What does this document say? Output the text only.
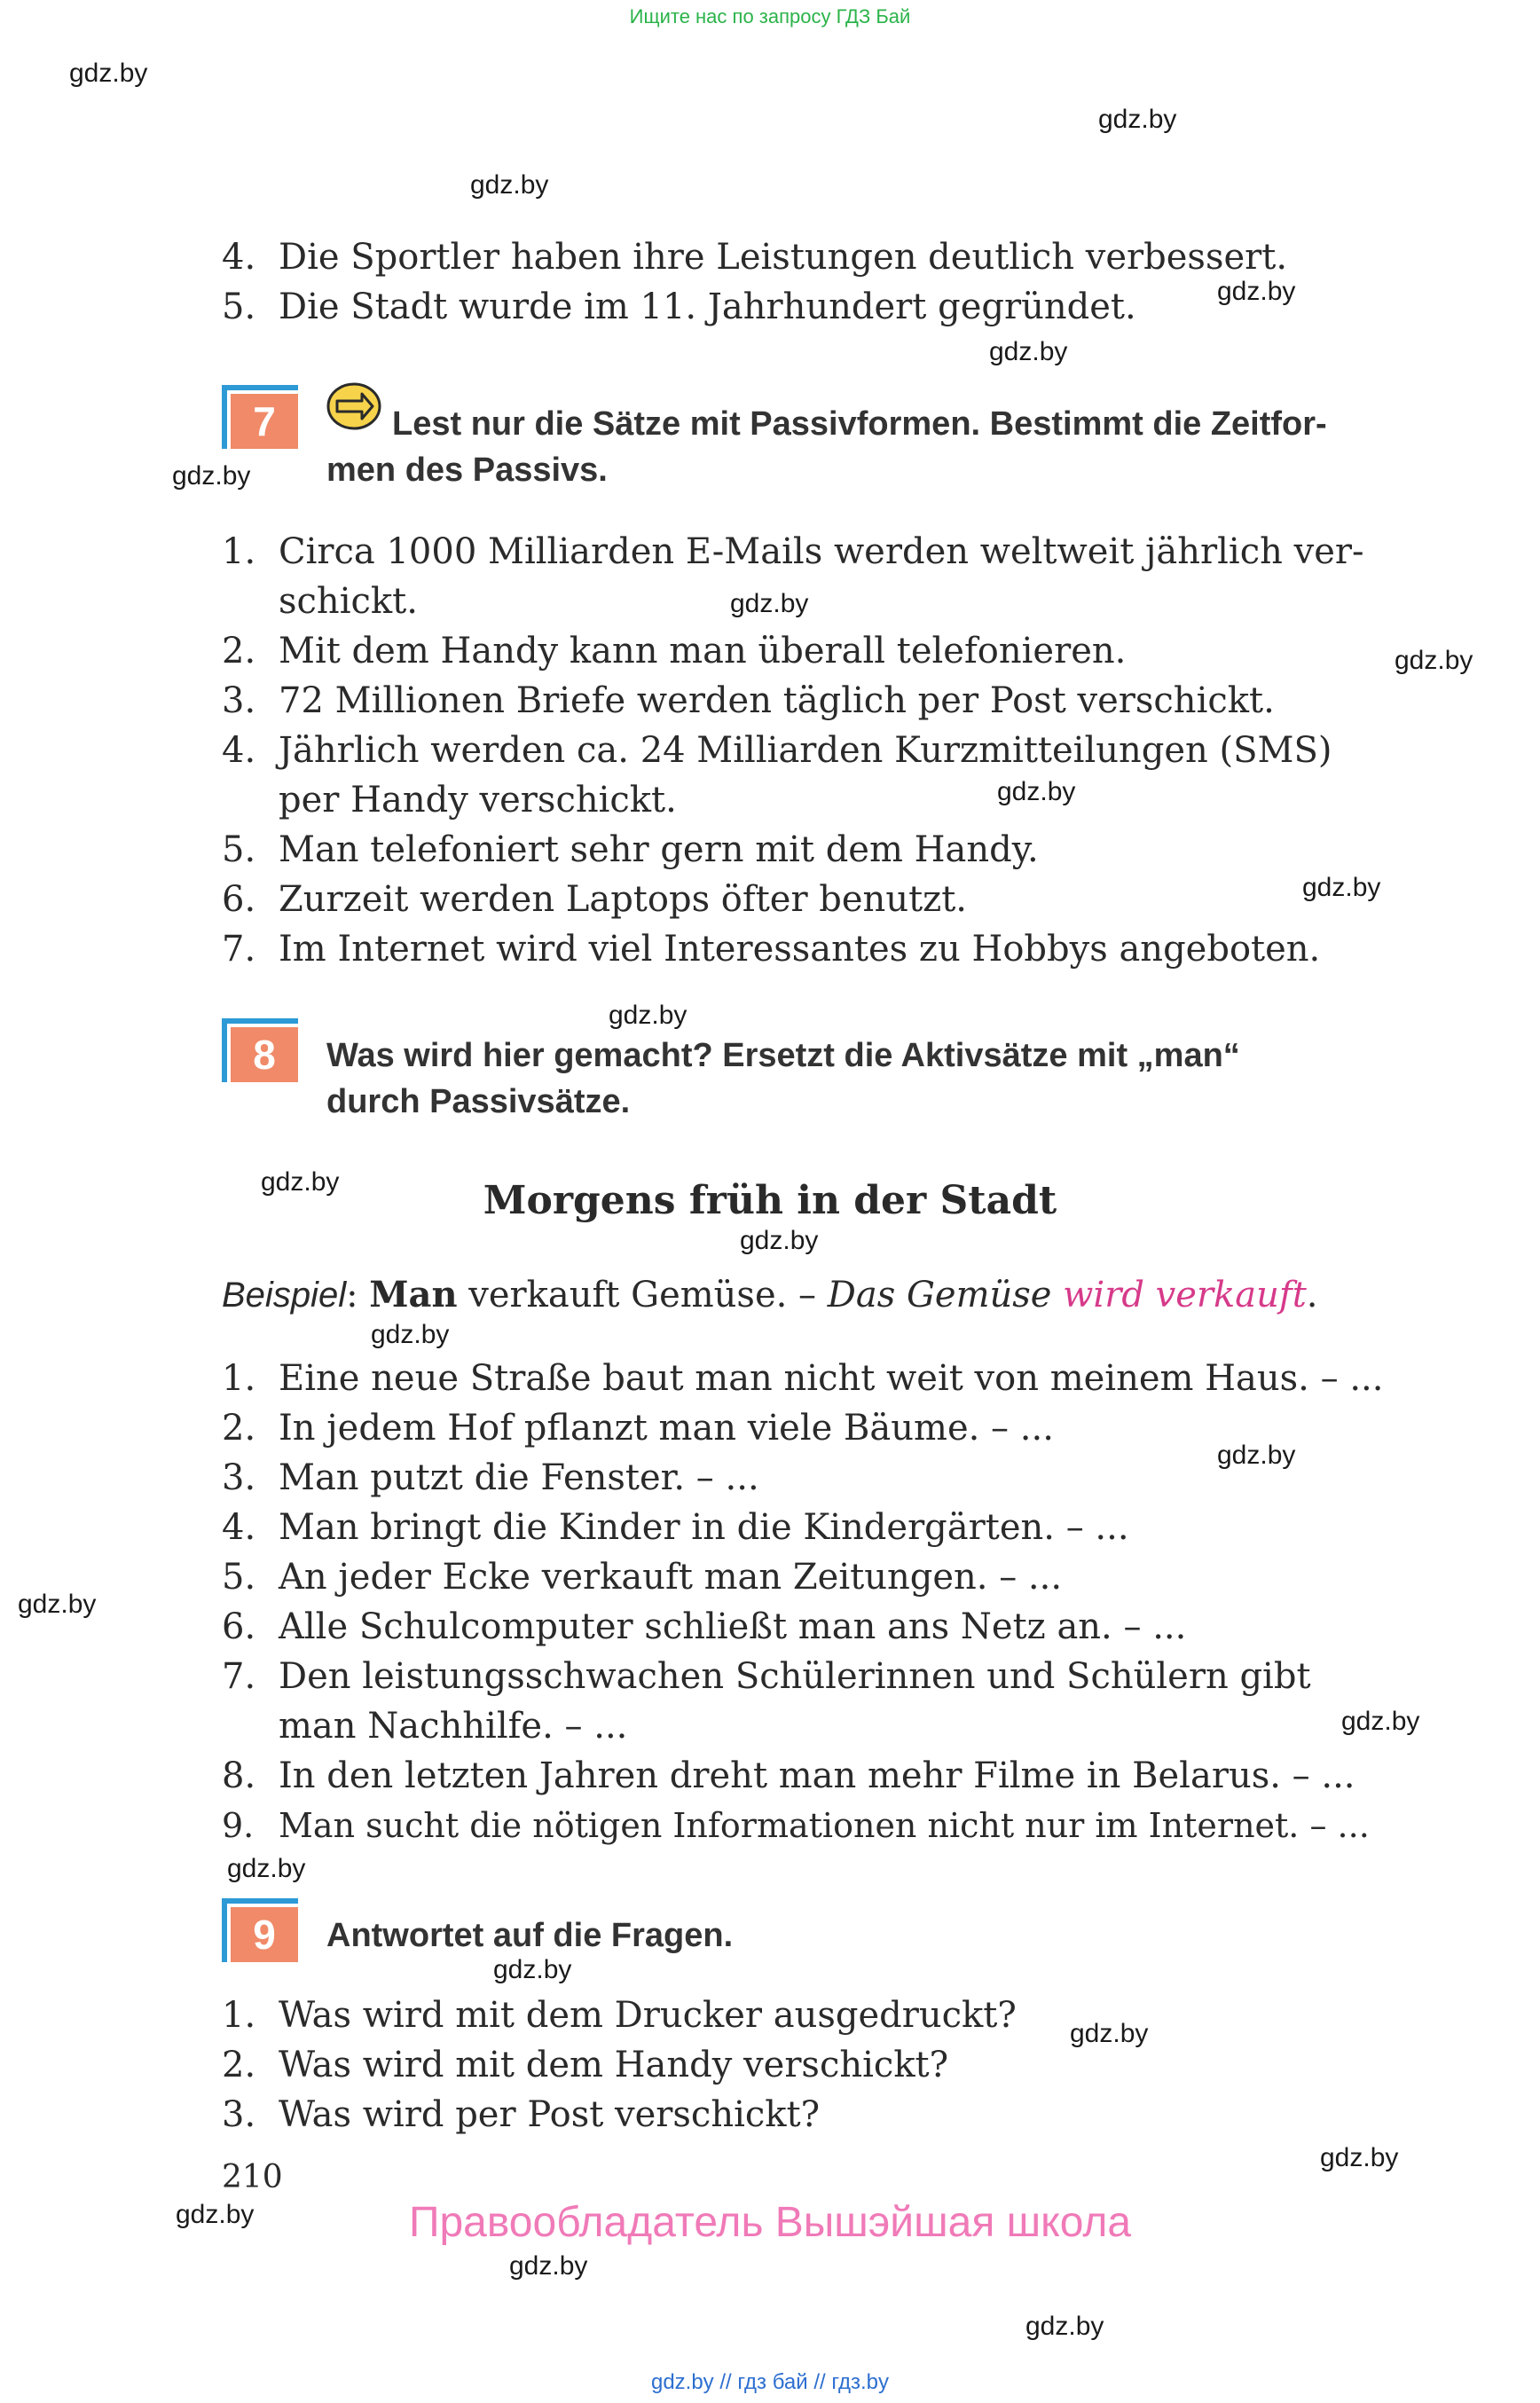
Ищите нас по запросу ГДЗ Бай
gdz.by
gdz.by
gdz.by
gdz.by
gdz.by
gdz.by
gdz.by
gdz.by
gdz.by
gdz.by
gdz.by
gdz.by
gdz.by
gdz.by
gdz.by
gdz.by
gdz.by
gdz.by
gdz.by
gdz.by
gdz.by
gdz.by
gdz.by
gdz.by
4. Die Sportler haben ihre Leistungen deutlich verbessert.
5. Die Stadt wurde im 11. Jahrhundert gegründet.
7	Lest nur die Sätze mit Passivformen. Bestimmt die Zeitfor-
men des Passivs.
1. Circa 1000 Milliarden E-Mails werden weltweit jährlich ver-
schickt.
2. Mit dem Handy kann man überall telefonieren.
3. 72 Millionen Briefe werden täglich per Post verschickt.
4. Jährlich werden ca. 24 Milliarden Kurzmitteilungen (SMS)
per Handy verschickt.
5. Man telefoniert sehr gern mit dem Handy.
6. Zurzeit werden Laptops öfter benutzt.
7. Im Internet wird viel Interessantes zu Hobbys angeboten.
8	Was wird hier gemacht? Ersetzt die Aktivsätze mit „man“
durch Passivsätze.
Morgens früh in der Stadt
Beispiel: Man verkauft Gemüse. – Das Gemüse wird verkauft.
1. Eine neue Straße baut man nicht weit von meinem Haus. – ...
2. In jedem Hof pflanzt man viele Bäume. – ...
3. Man putzt die Fenster. – ...
4. Man bringt die Kinder in die Kindergärten. – ...
5. An jeder Ecke verkauft man Zeitungen. – ...
6. Alle Schulcomputer schließt man ans Netz an. – ...
7. Den leistungsschwachen Schülerinnen und Schülern gibt
man Nachhilfe. – ...
8. In den letzten Jahren dreht man mehr Filme in Belarus. – ...
9. Man sucht die nötigen Informationen nicht nur im Internet. – ...
9	Antwortet auf die Fragen.
1. Was wird mit dem Drucker ausgedruckt?
2. Was wird mit dem Handy verschickt?
3. Was wird per Post verschickt?
210
Правообладатель Вышэйшая школа
gdz.by // гдз бай // гдз.by
